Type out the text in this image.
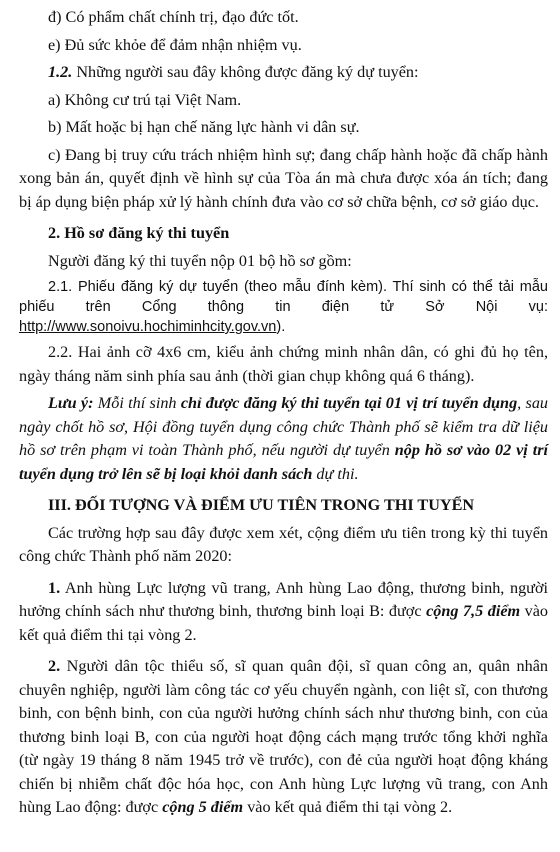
đ) Có phẩm chất chính trị, đạo đức tốt.

e) Đủ sức khỏe để đảm nhận nhiệm vụ.

1.2. Những người sau đây không được đăng ký dự tuyển:

a) Không cư trú tại Việt Nam.

b) Mất hoặc bị hạn chế năng lực hành vi dân sự.

c) Đang bị truy cứu trách nhiệm hình sự; đang chấp hành hoặc đã chấp hành xong bản án, quyết định về hình sự của Tòa án mà chưa được xóa án tích; đang bị áp dụng biện pháp xử lý hành chính đưa vào cơ sở chữa bệnh, cơ sở giáo dục.

2. Hồ sơ đăng ký thi tuyển

Người đăng ký thi tuyển nộp 01 bộ hồ sơ gồm:

2.1. Phiếu đăng ký dự tuyển (theo mẫu đính kèm). Thí sinh có thể tải mẫu phiếu trên Cổng thông tin điện tử Sở Nội vụ: http://www.sonoivu.hochiminhcity.gov.vn).

2.2. Hai ảnh cỡ 4x6 cm, kiểu ảnh chứng minh nhân dân, có ghi đủ họ tên, ngày tháng năm sinh phía sau ảnh (thời gian chụp không quá 6 tháng).

Lưu ý: Mỗi thí sinh chỉ được đăng ký thi tuyển tại 01 vị trí tuyển dụng, sau ngày chốt hồ sơ, Hội đồng tuyển dụng công chức Thành phố sẽ kiểm tra dữ liệu hồ sơ trên phạm vi toàn Thành phố, nếu người dự tuyển nộp hồ sơ vào 02 vị trí tuyển dụng trở lên sẽ bị loại khỏi danh sách dự thi.

III. ĐỐI TƯỢNG VÀ ĐIỂM ƯU TIÊN TRONG THI TUYỂN

Các trường hợp sau đây được xem xét, cộng điểm ưu tiên trong kỳ thi tuyển công chức Thành phố năm 2020:

1. Anh hùng Lực lượng vũ trang, Anh hùng Lao động, thương binh, người hưởng chính sách như thương binh, thương binh loại B: được cộng 7,5 điểm vào kết quả điểm thi tại vòng 2.

2. Người dân tộc thiểu số, sĩ quan quân đội, sĩ quan công an, quân nhân chuyên nghiệp, người làm công tác cơ yếu chuyển ngành, con liệt sĩ, con thương binh, con bệnh binh, con của người hưởng chính sách như thương binh, con của thương binh loại B, con của người hoạt động cách mạng trước tổng khởi nghĩa (từ ngày 19 tháng 8 năm 1945 trở về trước), con đẻ của người hoạt động kháng chiến bị nhiễm chất độc hóa học, con Anh hùng Lực lượng vũ trang, con Anh hùng Lao động: được cộng 5 điểm vào kết quả điểm thi tại vòng 2.
